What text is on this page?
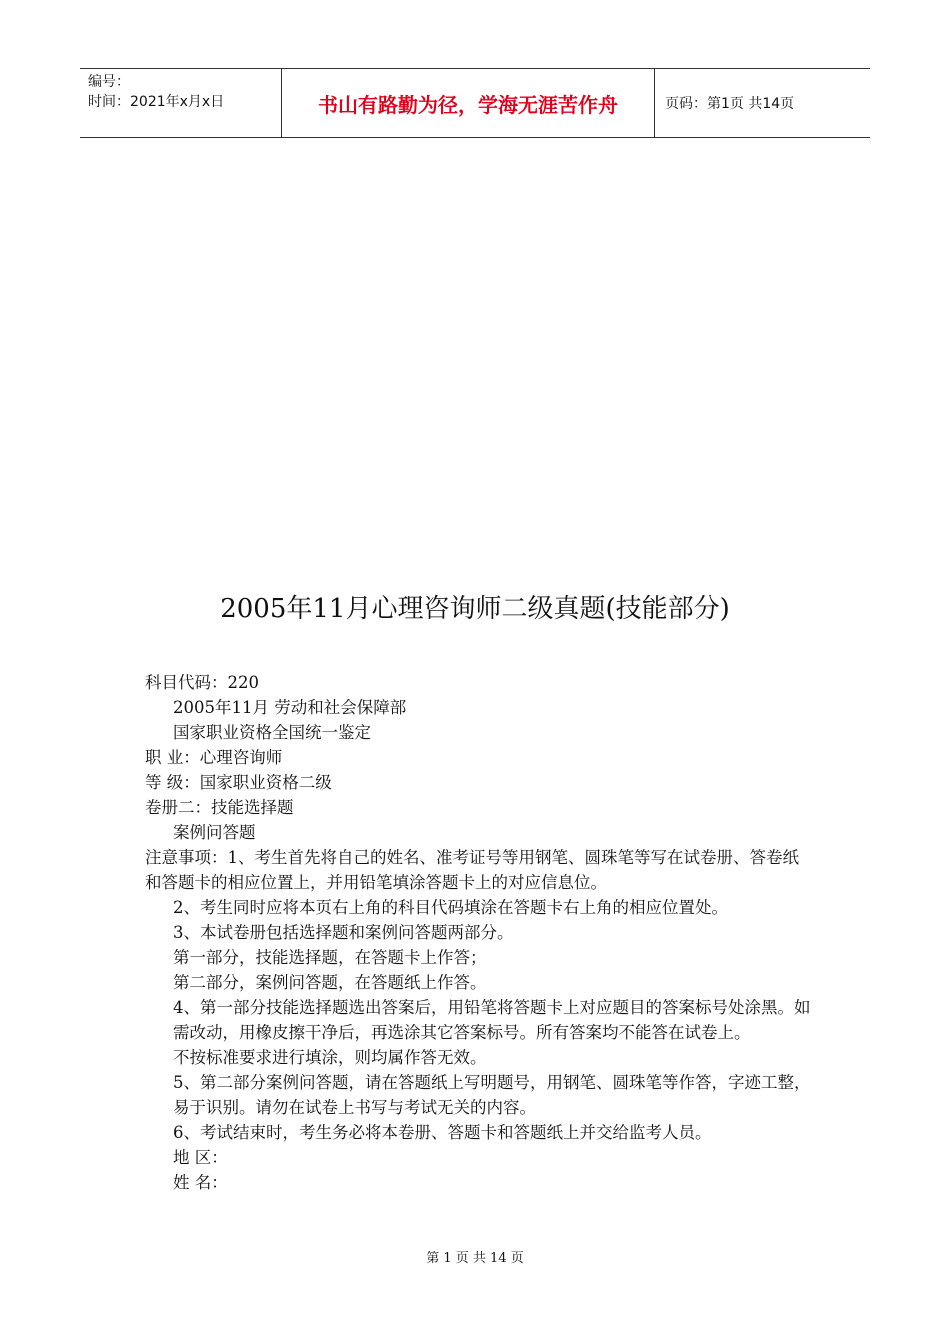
编号：
时间：2021年x月x日	书山有路勤为径，学海无涯苦作舟	页码：第1页 共14页
2005年11月心理咨询师二级真题(技能部分)

科目代码：220

2005年11月 劳动和社会保障部

国家职业资格全国统一鉴定

职 业：心理咨询师

等 级：国家职业资格二级

卷册二：技能选择题

案例问答题

注意事项：1、考生首先将自己的姓名、准考证号等用钢笔、圆珠笔等写在试卷册、答卷纸和答题卡的相应位置上，并用铅笔填涂答题卡上的对应信息位。

2、考生同时应将本页右上角的科目代码填涂在答题卡右上角的相应位置处。

3、本试卷册包括选择题和案例问答题两部分。

第一部分，技能选择题，在答题卡上作答；

第二部分，案例问答题，在答题纸上作答。

4、第一部分技能选择题选出答案后，用铅笔将答题卡上对应题目的答案标号处涂黑。如需改动，用橡皮擦干净后，再选涂其它答案标号。所有答案均不能答在试卷上。

不按标准要求进行填涂，则均属作答无效。

5、第二部分案例问答题，请在答题纸上写明题号，用钢笔、圆珠笔等作答，字迹工整，易于识别。请勿在试卷上书写与考试无关的内容。

6、考试结束时，考生务必将本卷册、答题卡和答题纸上并交给监考人员。

地 区：

姓 名：

第 1 页 共 14 页
